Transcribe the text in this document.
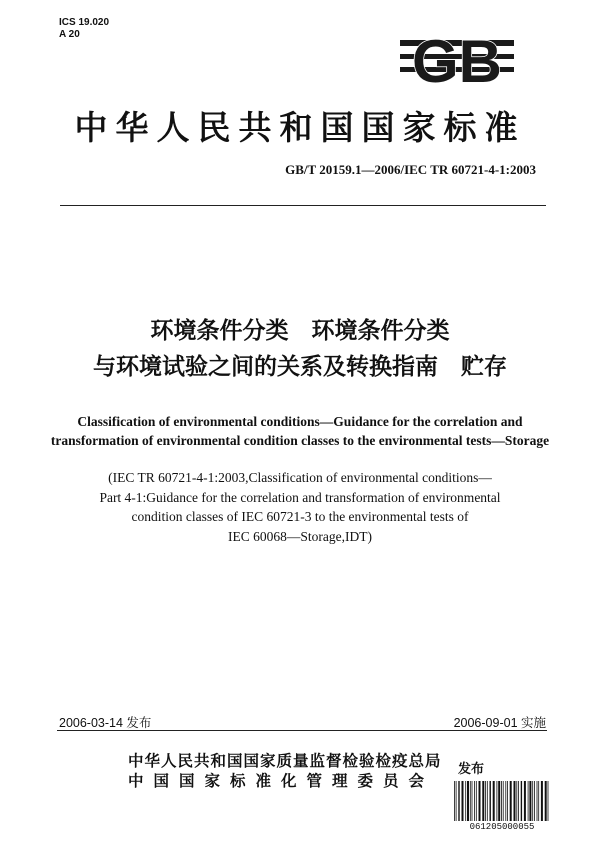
ICS 19.020
A 20	GB
中华人民共和国国家标准
GB/T 20159.1—2006/IEC TR 60721-4-1:2003
环境条件分类　环境条件分类
与环境试验之间的关系及转换指南　贮存
Classification of environmental conditions—Guidance for the correlation and
transformation of environmental condition classes to the environmental tests—Storage
(IEC TR 60721-4-1:2003,Classification of environmental conditions—
Part 4-1:Guidance for the correlation and transformation of environmental
condition classes of IEC 60721-3 to the environmental tests of
IEC 60068—Storage,IDT)
2006-03-14 发布	2006-09-01 实施
中华人民共和国国家质量监督检验检疫总局
中国国家标准化管理委员会
发布
061205000055
